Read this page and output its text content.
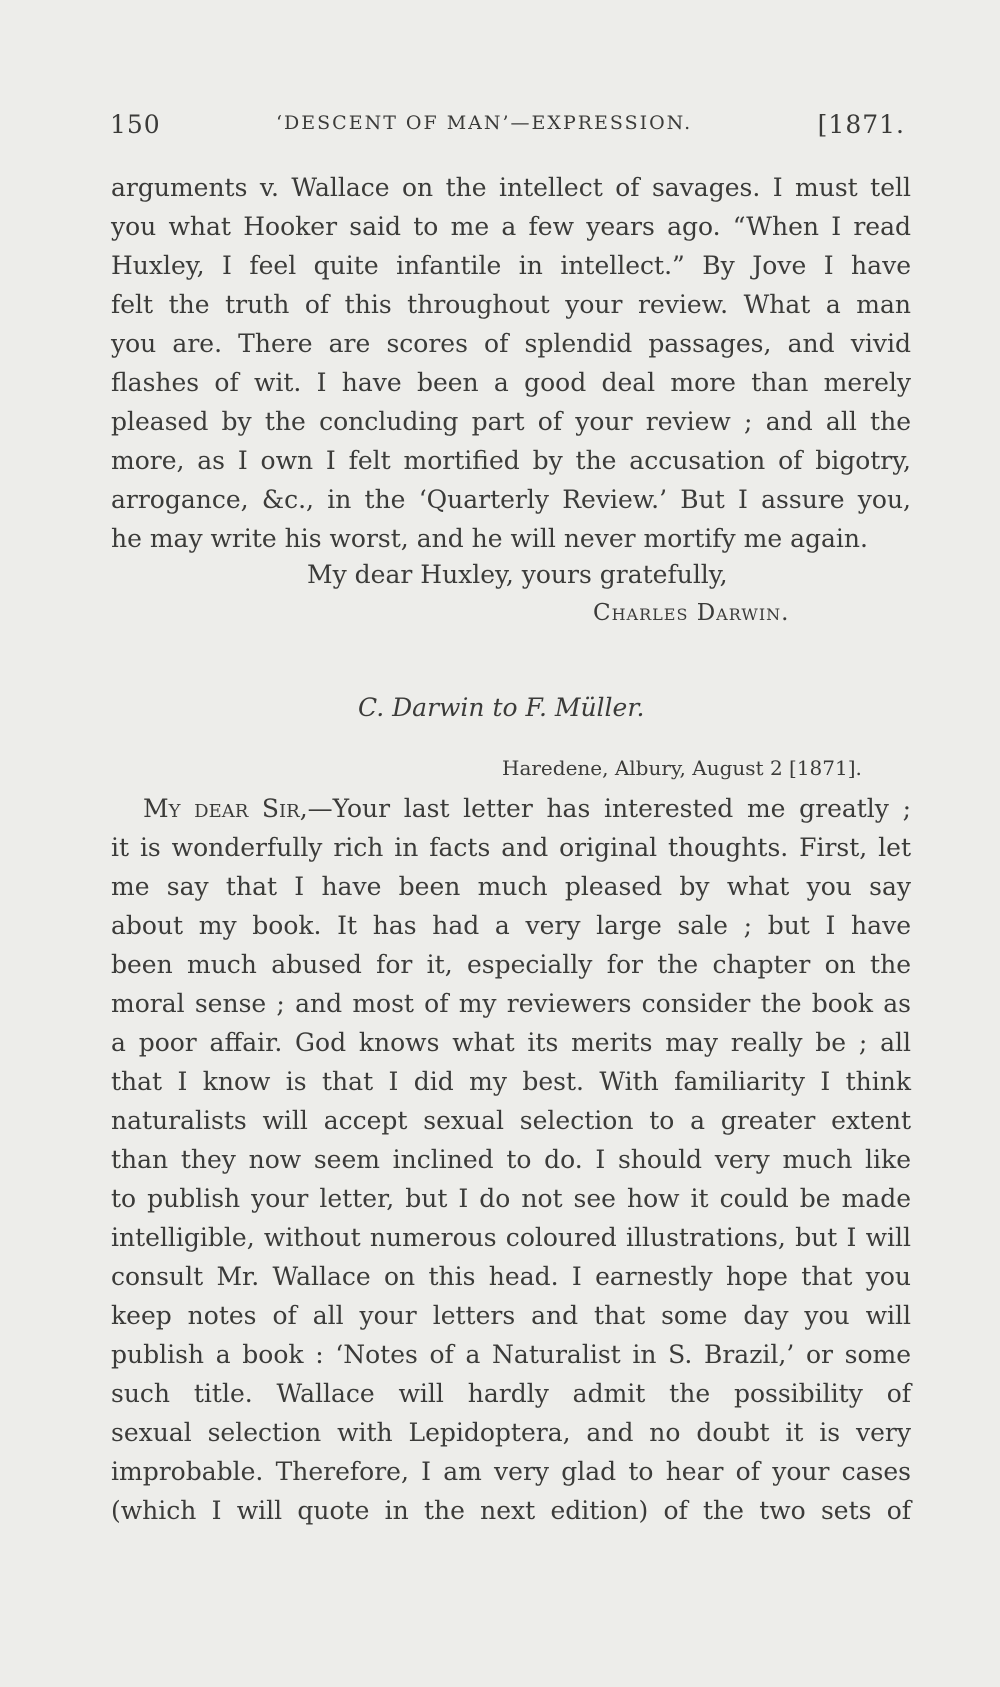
150	‘DESCENT OF MAN’—EXPRESSION.	[1871.
arguments v. Wallace on the intellect of savages. I must tell
you what Hooker said to me a few years ago. “When I read
Huxley, I feel quite infantile in intellect.” By Jove I have
felt the truth of this throughout your review. What a man
you are. There are scores of splendid passages, and vivid
flashes of wit. I have been a good deal more than merely
pleased by the concluding part of your review ; and all the
more, as I own I felt mortified by the accusation of bigotry,
arrogance, &c., in the ‘Quarterly Review.’ But I assure you,
he may write his worst, and he will never mortify me again.
My dear Huxley, yours gratefully,
Charles Darwin.
C. Darwin to F. Müller.
Haredene, Albury, August 2 [1871].
My dear Sir,—Your last letter has interested me greatly ;
it is wonderfully rich in facts and original thoughts. First, let
me say that I have been much pleased by what you say
about my book. It has had a very large sale ; but I have
been much abused for it, especially for the chapter on the
moral sense ; and most of my reviewers consider the book as
a poor affair. God knows what its merits may really be ; all
that I know is that I did my best. With familiarity I think
naturalists will accept sexual selection to a greater extent
than they now seem inclined to do. I should very much like
to publish your letter, but I do not see how it could be made
intelligible, without numerous coloured illustrations, but I will
consult Mr. Wallace on this head. I earnestly hope that you
keep notes of all your letters and that some day you will
publish a book : ‘Notes of a Naturalist in S. Brazil,’ or some
such title. Wallace will hardly admit the possibility of
sexual selection with Lepidoptera, and no doubt it is very
improbable. Therefore, I am very glad to hear of your cases
(which I will quote in the next edition) of the two sets of
